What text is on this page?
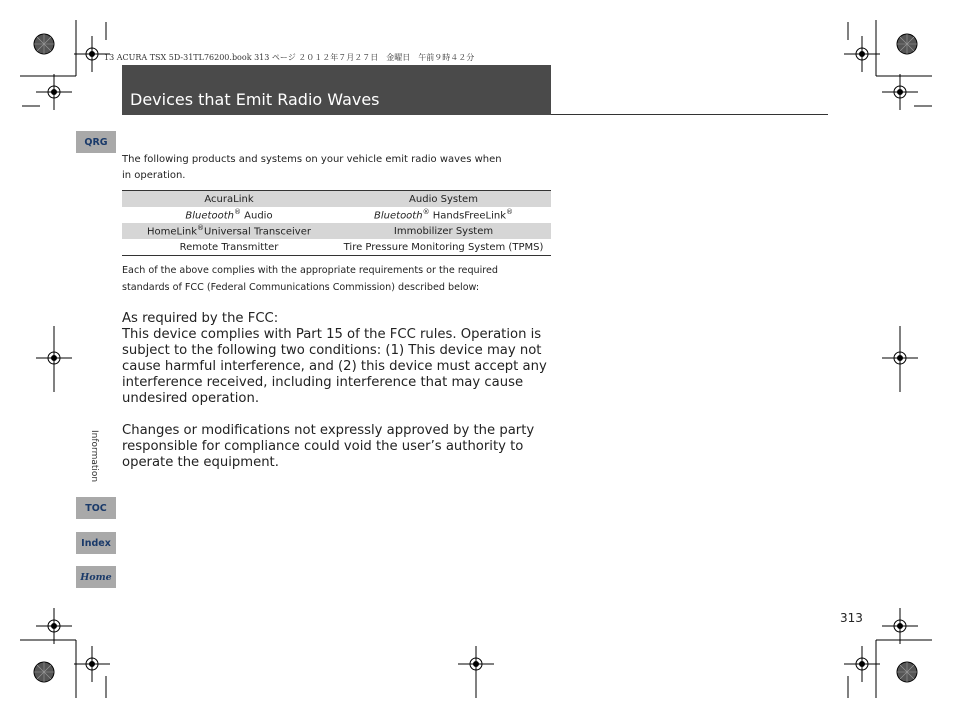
13 ACURA TSX 5D-31TL76200.book 313 ページ ２０１２年７月２７日　金曜日　午前９時４２分
Devices that Emit Radio Waves
QRG
Information
TOC
Index
Home
The following products and systems on your vehicle emit radio waves when
in operation.
AcuraLink	Audio System
Bluetooth® Audio	Bluetooth® HandsFreeLink®
HomeLink®Universal Transceiver	Immobilizer System
Remote Transmitter	Tire Pressure Monitoring System (TPMS)
Each of the above complies with the appropriate requirements or the required
standards of FCC (Federal Communications Commission) described below:

As required by the FCC:

This device complies with Part 15 of the FCC rules. Operation is subject to the following two conditions: (1) This device may not cause harmful interference, and (2) this device must accept any interference received, including interference that may cause undesired operation.

Changes or modifications not expressly approved by the party responsible for compliance could void the user’s authority to operate the equipment.

313
